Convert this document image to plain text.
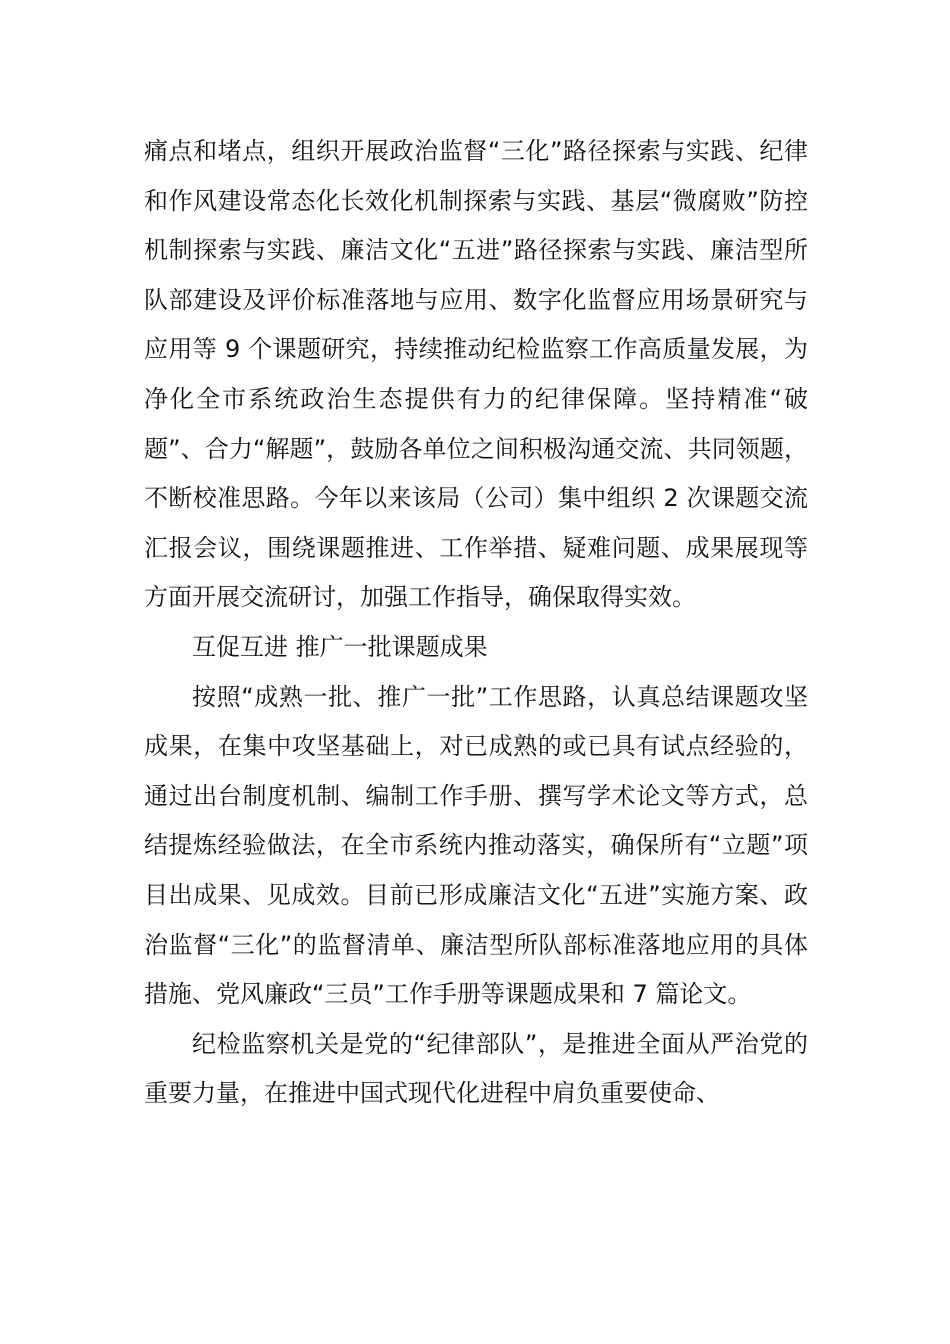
痛点和堵点，组织开展政治监督“三化”路径探索与实践、纪律和作风建设常态化长效化机制探索与实践、基层“微腐败”防控机制探索与实践、廉洁文化“五进”路径探索与实践、廉洁型所队部建设及评价标准落地与应用、数字化监督应用场景研究与应用等 9 个课题研究，持续推动纪检监察工作高质量发展，为净化全市系统政治生态提供有力的纪律保障。坚持精准“破题”、合力“解题”，鼓励各单位之间积极沟通交流、共同领题，不断校准思路。今年以来该局（公司）集中组织 2 次课题交流汇报会议，围绕课题推进、工作举措、疑难问题、成果展现等方面开展交流研讨，加强工作指导，确保取得实效。

互促互进 推广一批课题成果

按照“成熟一批、推广一批”工作思路，认真总结课题攻坚成果，在集中攻坚基础上，对已成熟的或已具有试点经验的，通过出台制度机制、编制工作手册、撰写学术论文等方式，总结提炼经验做法，在全市系统内推动落实，确保所有“立题”项目出成果、见成效。目前已形成廉洁文化“五进”实施方案、政治监督“三化”的监督清单、廉洁型所队部标准落地应用的具体措施、党风廉政“三员”工作手册等课题成果和 7 篇论文。

纪检监察机关是党的“纪律部队”，是推进全面从严治党的重要力量，在推进中国式现代化进程中肩负重要使命、
